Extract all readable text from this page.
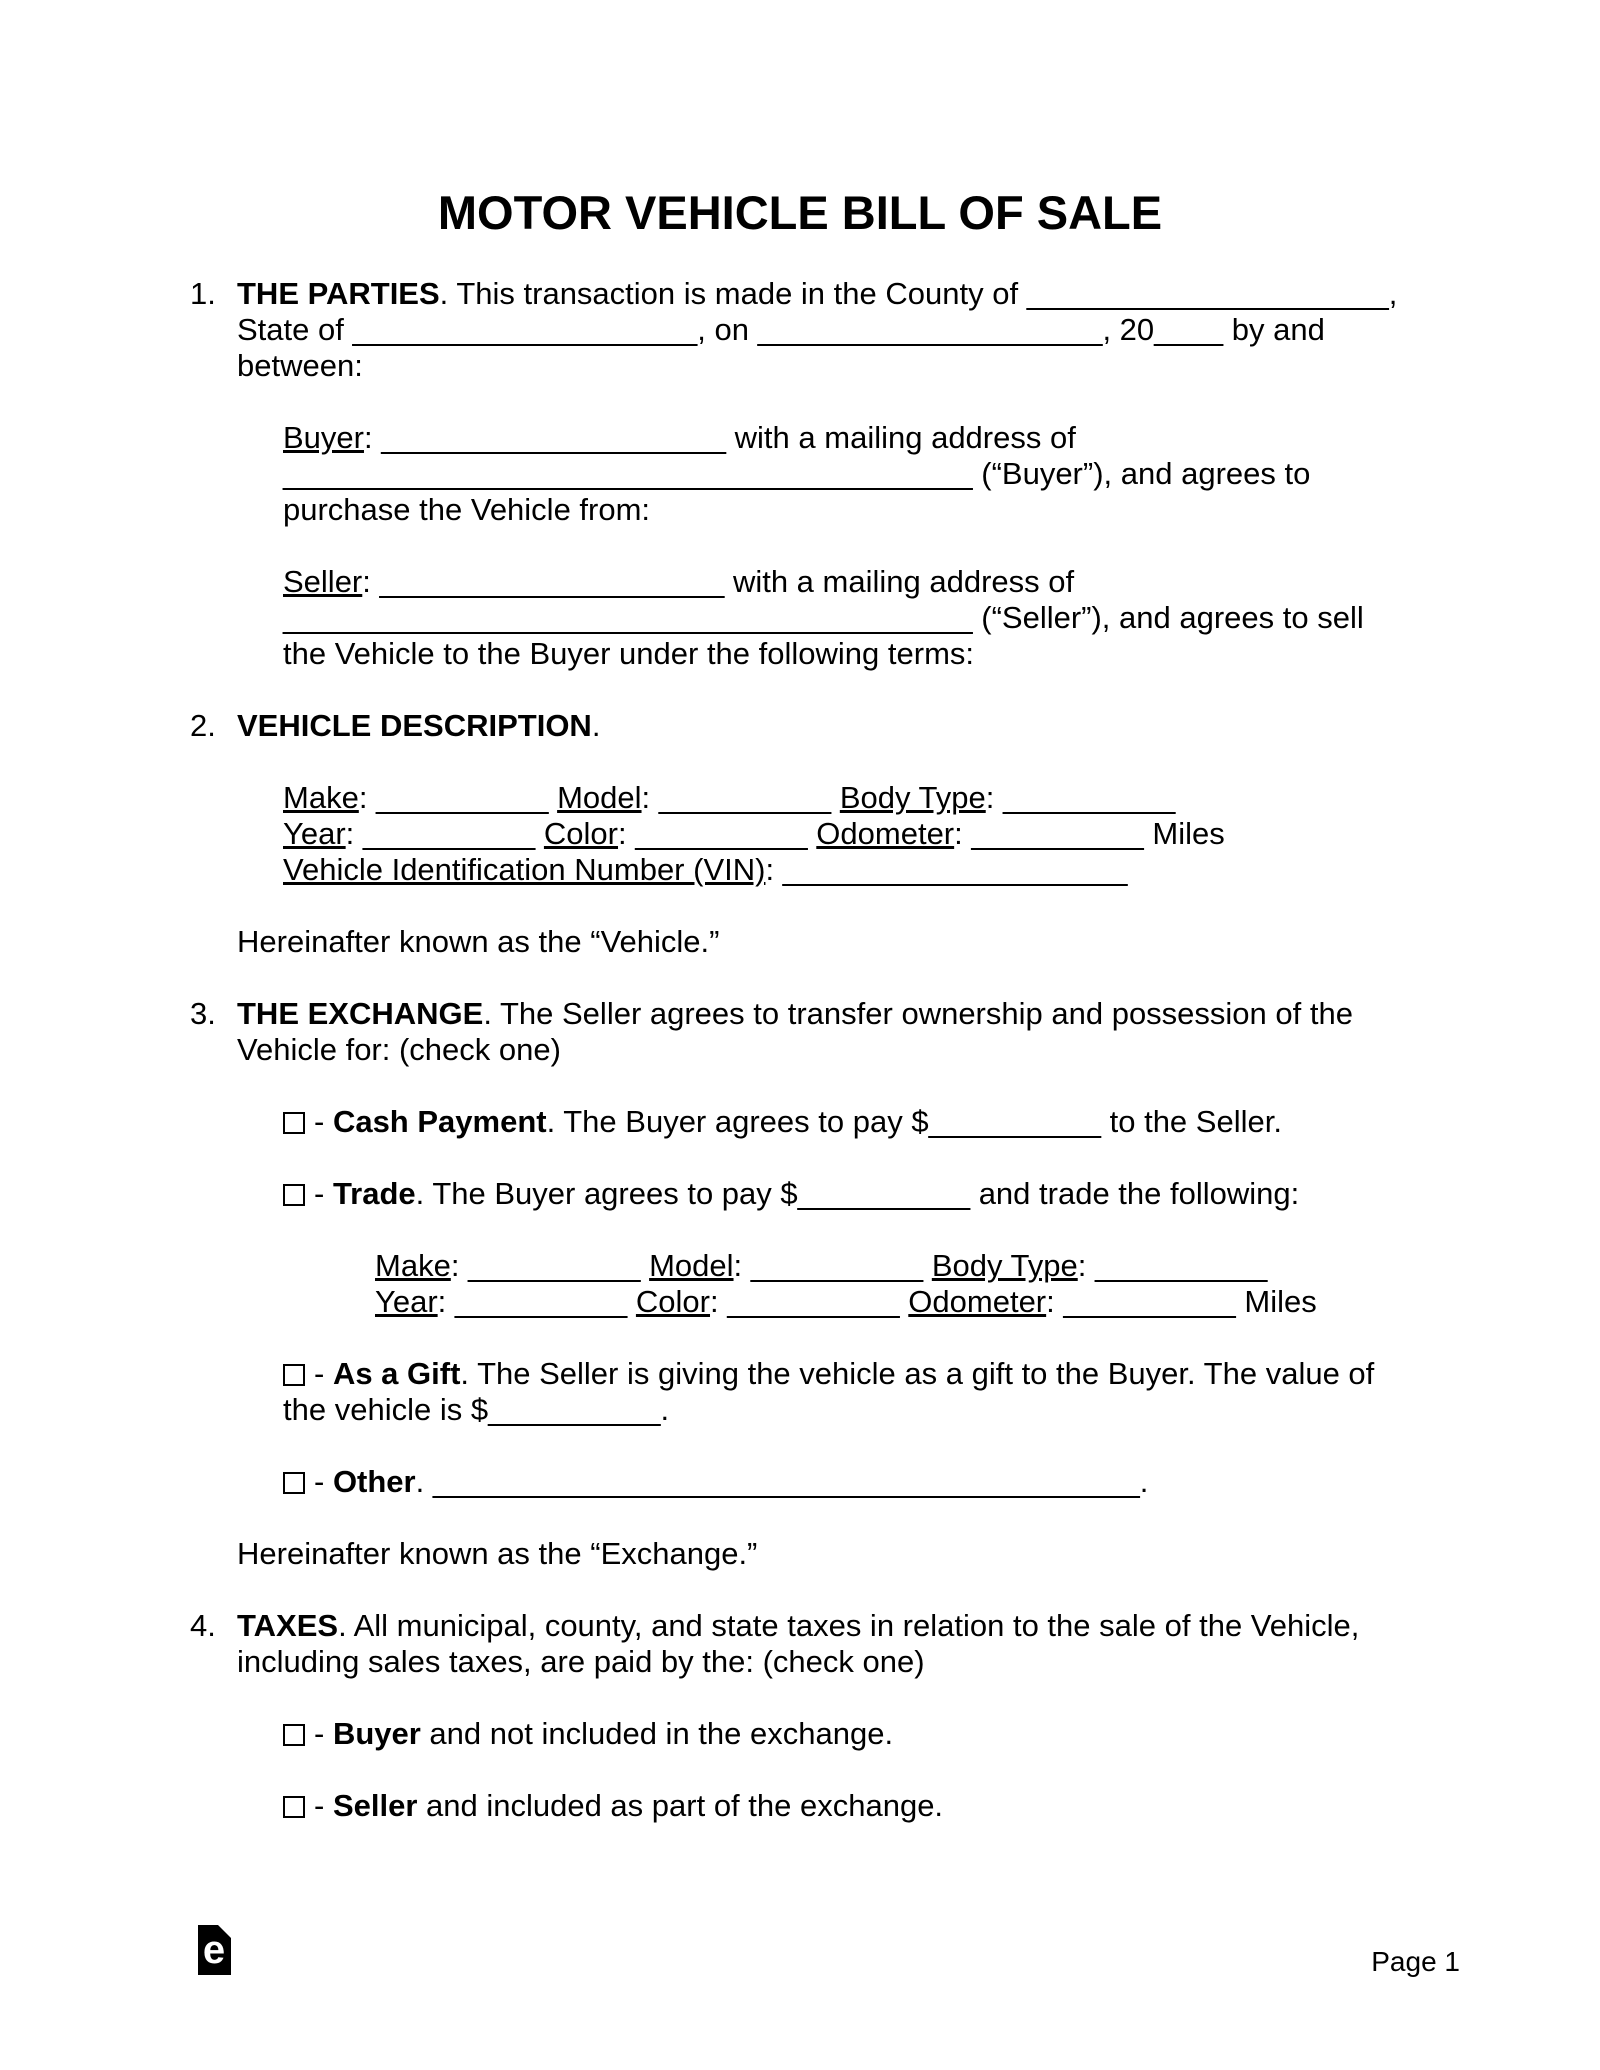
MOTOR VEHICLE BILL OF SALE
1. THE PARTIES. This transaction is made in the County of _____________________,
State of ____________________, on ____________________, 20____ by and
between:
Buyer: ____________________ with a mailing address of
________________________________________ (“Buyer”), and agrees to
purchase the Vehicle from:
Seller: ____________________ with a mailing address of
________________________________________ (“Seller”), and agrees to sell
the Vehicle to the Buyer under the following terms:
2. VEHICLE DESCRIPTION.
Make: __________ Model: __________ Body Type: __________
Year: __________ Color: __________ Odometer: __________ Miles
Vehicle Identification Number (VIN): ____________________
Hereinafter known as the “Vehicle.”
3. THE EXCHANGE. The Seller agrees to transfer ownership and possession of the
Vehicle for: (check one)
- Cash Payment. The Buyer agrees to pay $__________ to the Seller.
- Trade. The Buyer agrees to pay $__________ and trade the following:
Make: __________ Model: __________ Body Type: __________
Year: __________ Color: __________ Odometer: __________ Miles
- As a Gift. The Seller is giving the vehicle as a gift to the Buyer. The value of
the vehicle is $__________.
- Other. _________________________________________.
Hereinafter known as the “Exchange.”
4. TAXES. All municipal, county, and state taxes in relation to the sale of the Vehicle,
including sales taxes, are paid by the: (check one)
- Buyer and not included in the exchange.
- Seller and included as part of the exchange.
e	Page 1
